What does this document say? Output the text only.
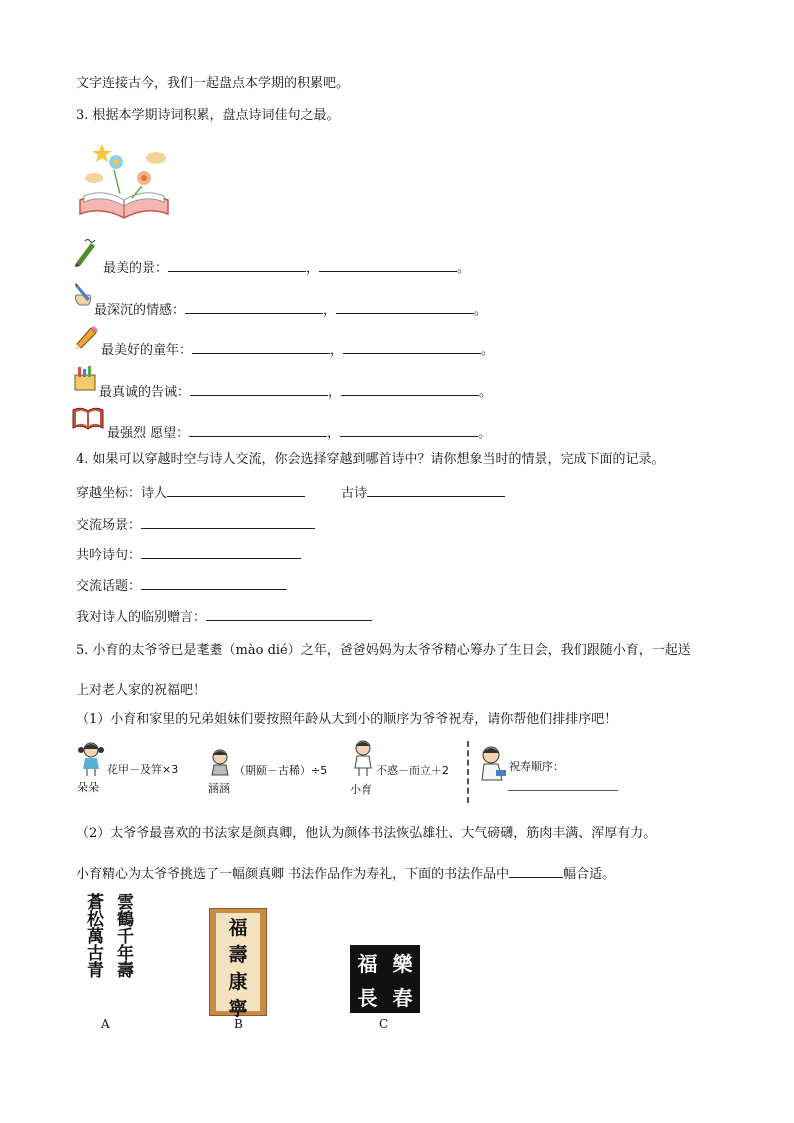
文字连接古今，我们一起盘点本学期的积累吧。
3. 根据本学期诗词积累，盘点诗词佳句之最。
最美的景：	，	。
最深沉的情感：	，	。
最美好的童年：	，	。
最真诚的告诫：	，	。
最强烈 愿望：	，	。
4. 如果可以穿越时空与诗人交流，你会选择穿越到哪首诗中？请你想象当时的情景，完成下面的记录。
穿越坐标：诗人	古诗
交流场景：
共吟诗句：
交流话题：
我对诗人的临别赠言：
5. 小育的太爷爷已是耄耋（mào dié）之年，爸爸妈妈为太爷爷精心筹办了生日会，我们跟随小育，一起送
上对老人家的祝福吧！
（1）小育和家里的兄弟姐妹们要按照年龄从大到小的顺序为爷爷祝寿，请你帮他们排排序吧！
花甲－及笄×3
朵朵
（期颐－古稀）÷5
涵涵
不惑－而立＋2
小育
祝寿顺序：
（2）太爷爷最喜欢的书法家是颜真卿，他认为颜体书法恢弘雄壮、大气磅礴，筋肉丰满、浑厚有力。
小育精心为太爷爷挑选了一幅颜真卿 书法作品作为寿礼，下面的书法作品中	幅合适。
蒼松萬古青 雲鶴千年壽
A
福
壽
康
寧
B
福 樂
長 春
C
